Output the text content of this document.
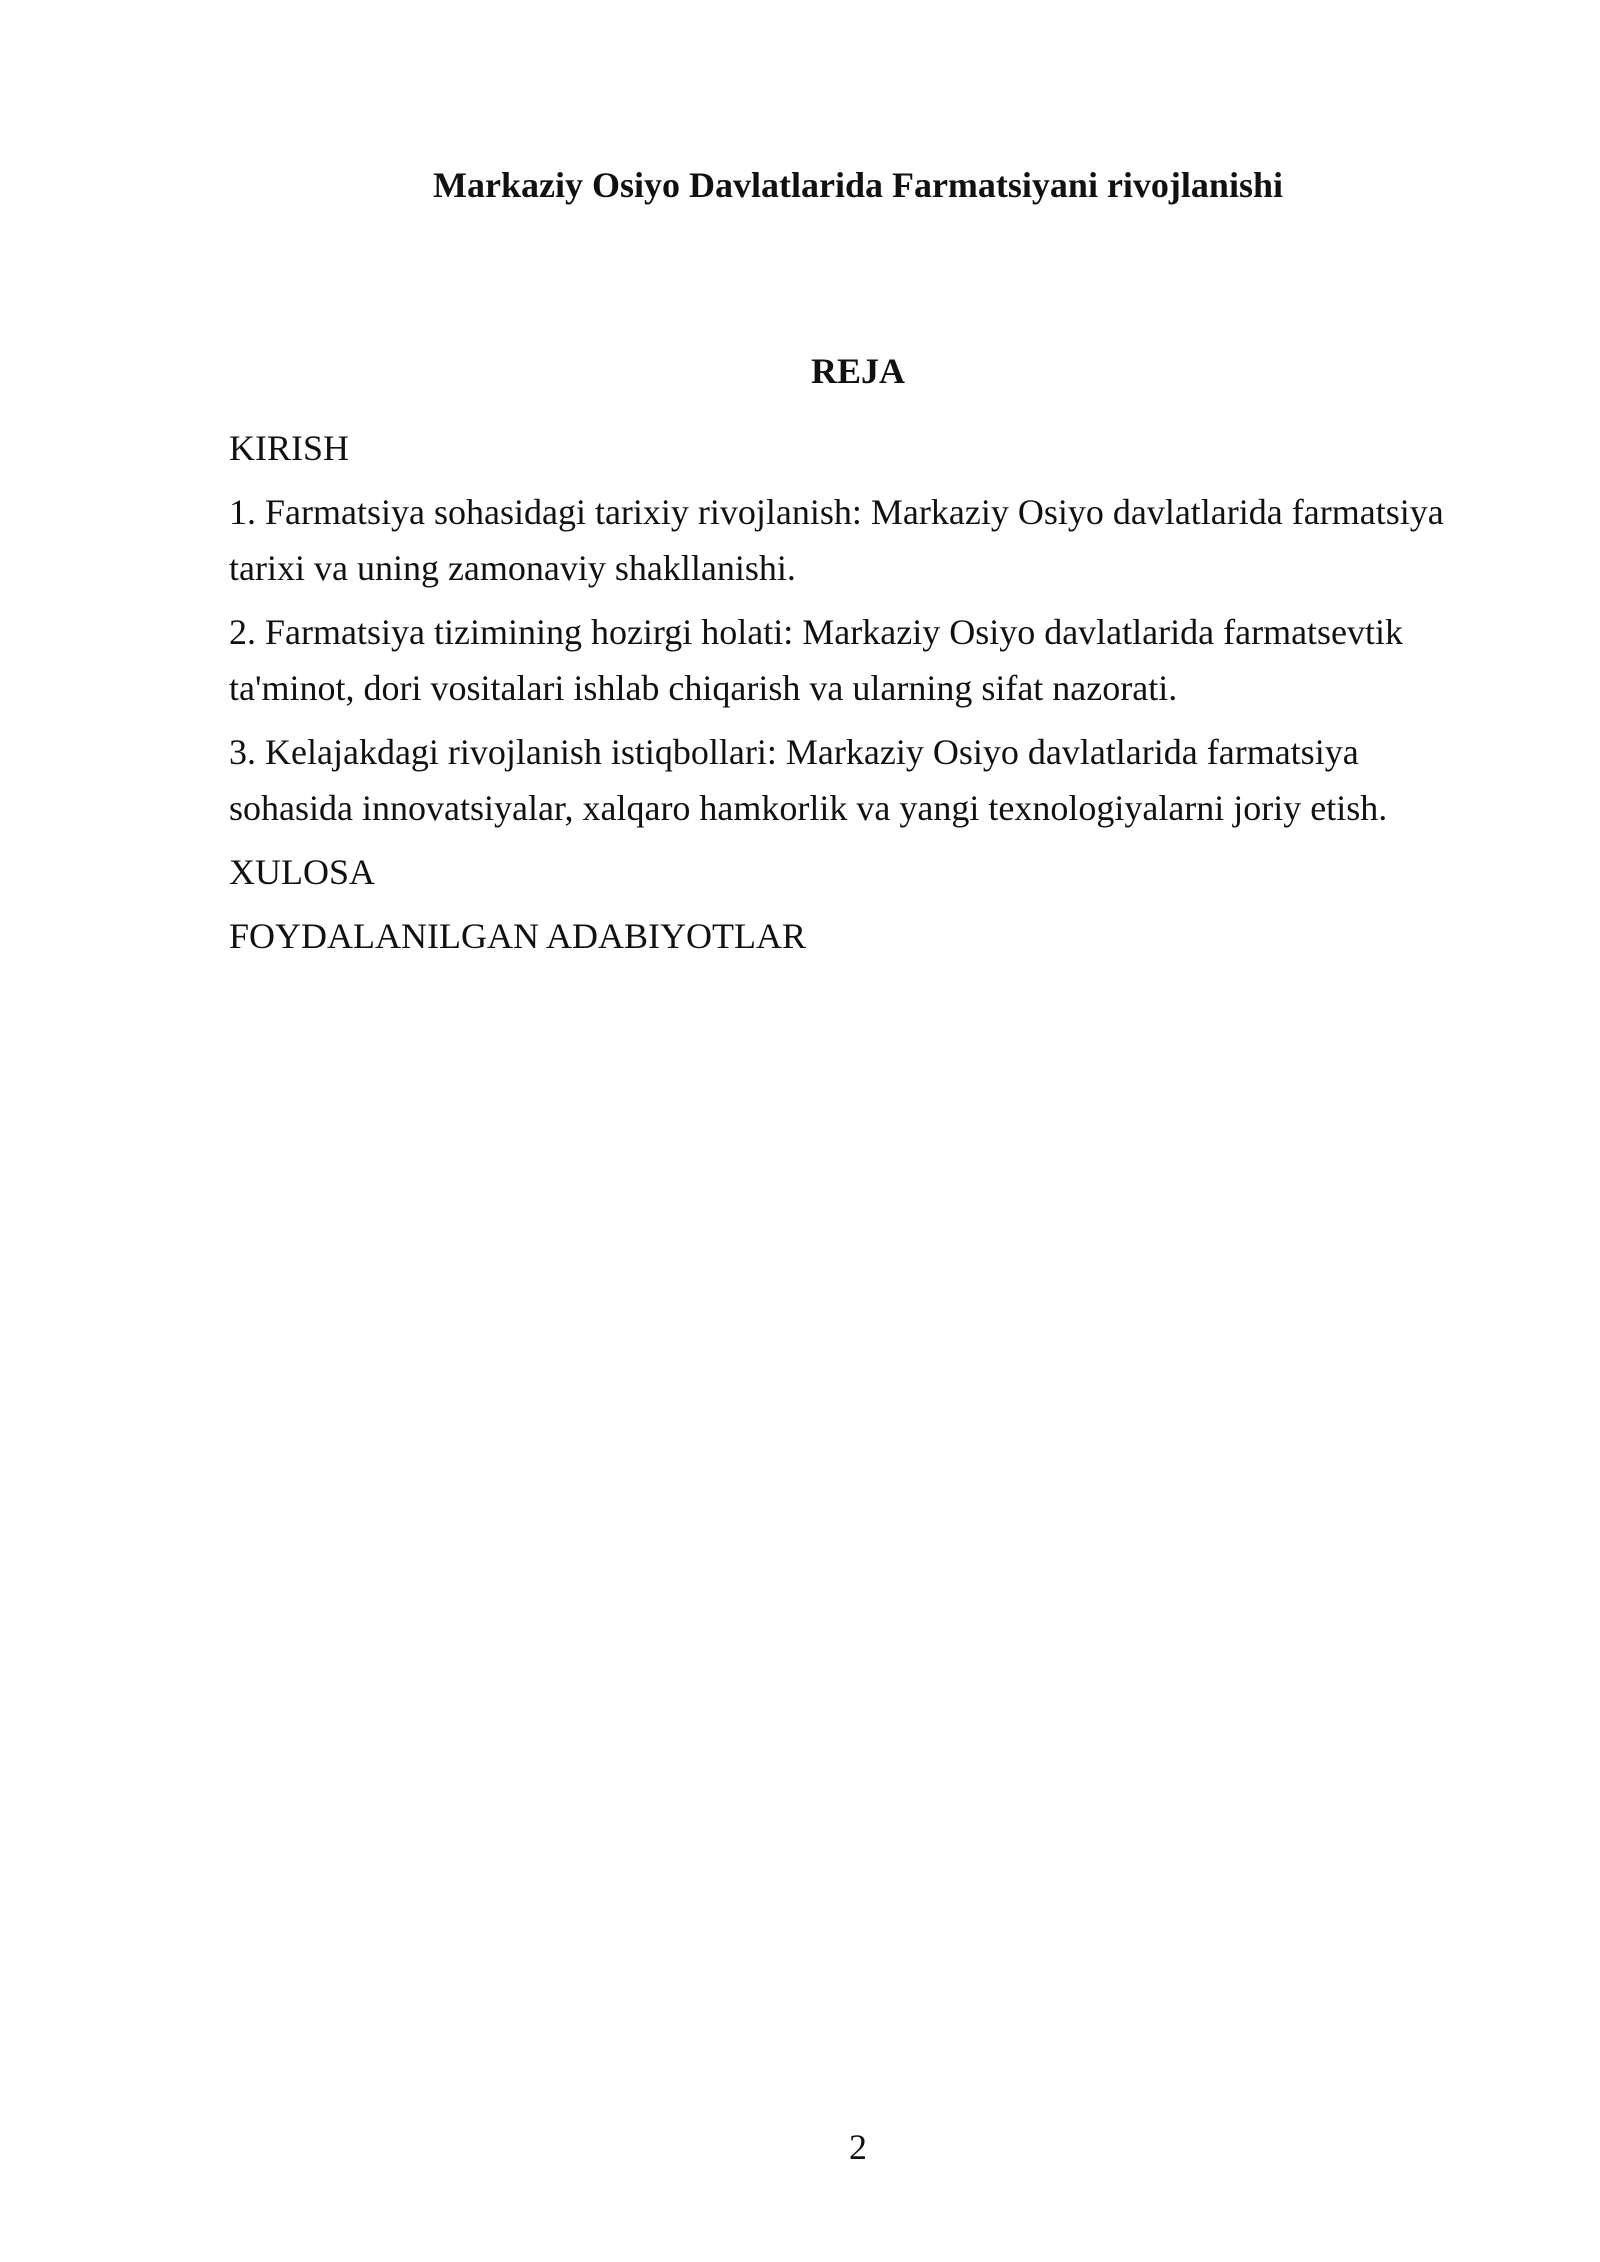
Markaziy Osiyo Davlatlarida Farmatsiyani rivojlanishi
REJA

KIRISH

1. Farmatsiya sohasidagi tarixiy rivojlanish: Markaziy Osiyo davlatlarida farmatsiya tarixi va uning zamonaviy shakllanishi.

2. Farmatsiya tizimining hozirgi holati: Markaziy Osiyo davlatlarida farmatsevtik ta'minot, dori vositalari ishlab chiqarish va ularning sifat nazorati.

3. Kelajakdagi rivojlanish istiqbollari: Markaziy Osiyo davlatlarida farmatsiya sohasida innovatsiyalar, xalqaro hamkorlik va yangi texnologiyalarni joriy etish.

XULOSA

FOYDALANILGAN ADABIYOTLAR

2
